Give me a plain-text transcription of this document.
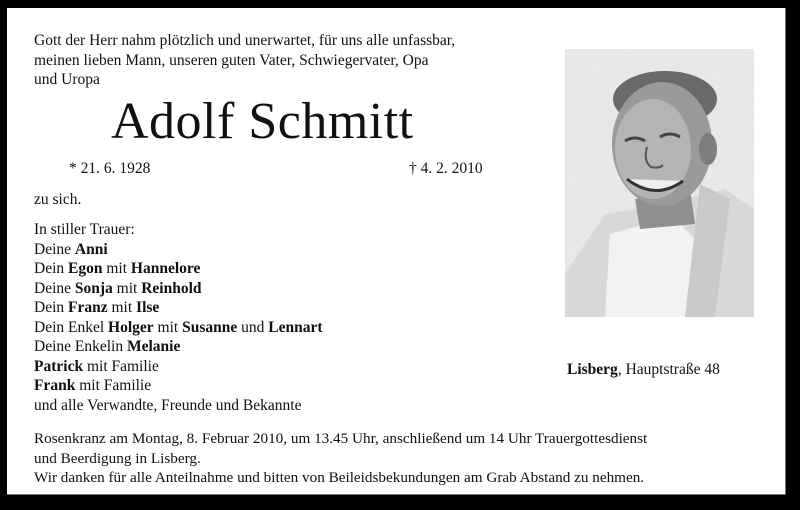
Gott der Herr nahm plötzlich und unerwartet, für uns alle unfassbar,
meinen lieben Mann, unseren guten Vater, Schwiegervater, Opa
und Uropa
Adolf Schmitt
* 21. 6. 1928	† 4. 2. 2010
zu sich.
In stiller Trauer:
Deine Anni
Dein Egon mit Hannelore
Deine Sonja mit Reinhold
Dein Franz mit Ilse
Dein Enkel Holger mit Susanne und Lennart
Deine Enkelin Melanie
Patrick mit Familie
Frank mit Familie
und alle Verwandte, Freunde und Bekannte
Lisberg, Hauptstraße 48
Rosenkranz am Montag, 8. Februar 2010, um 13.45 Uhr, anschließend um 14 Uhr Trauergottesdienst
und Beerdigung in Lisberg.
Wir danken für alle Anteilnahme und bitten von Beileidsbekundungen am Grab Abstand zu nehmen.
